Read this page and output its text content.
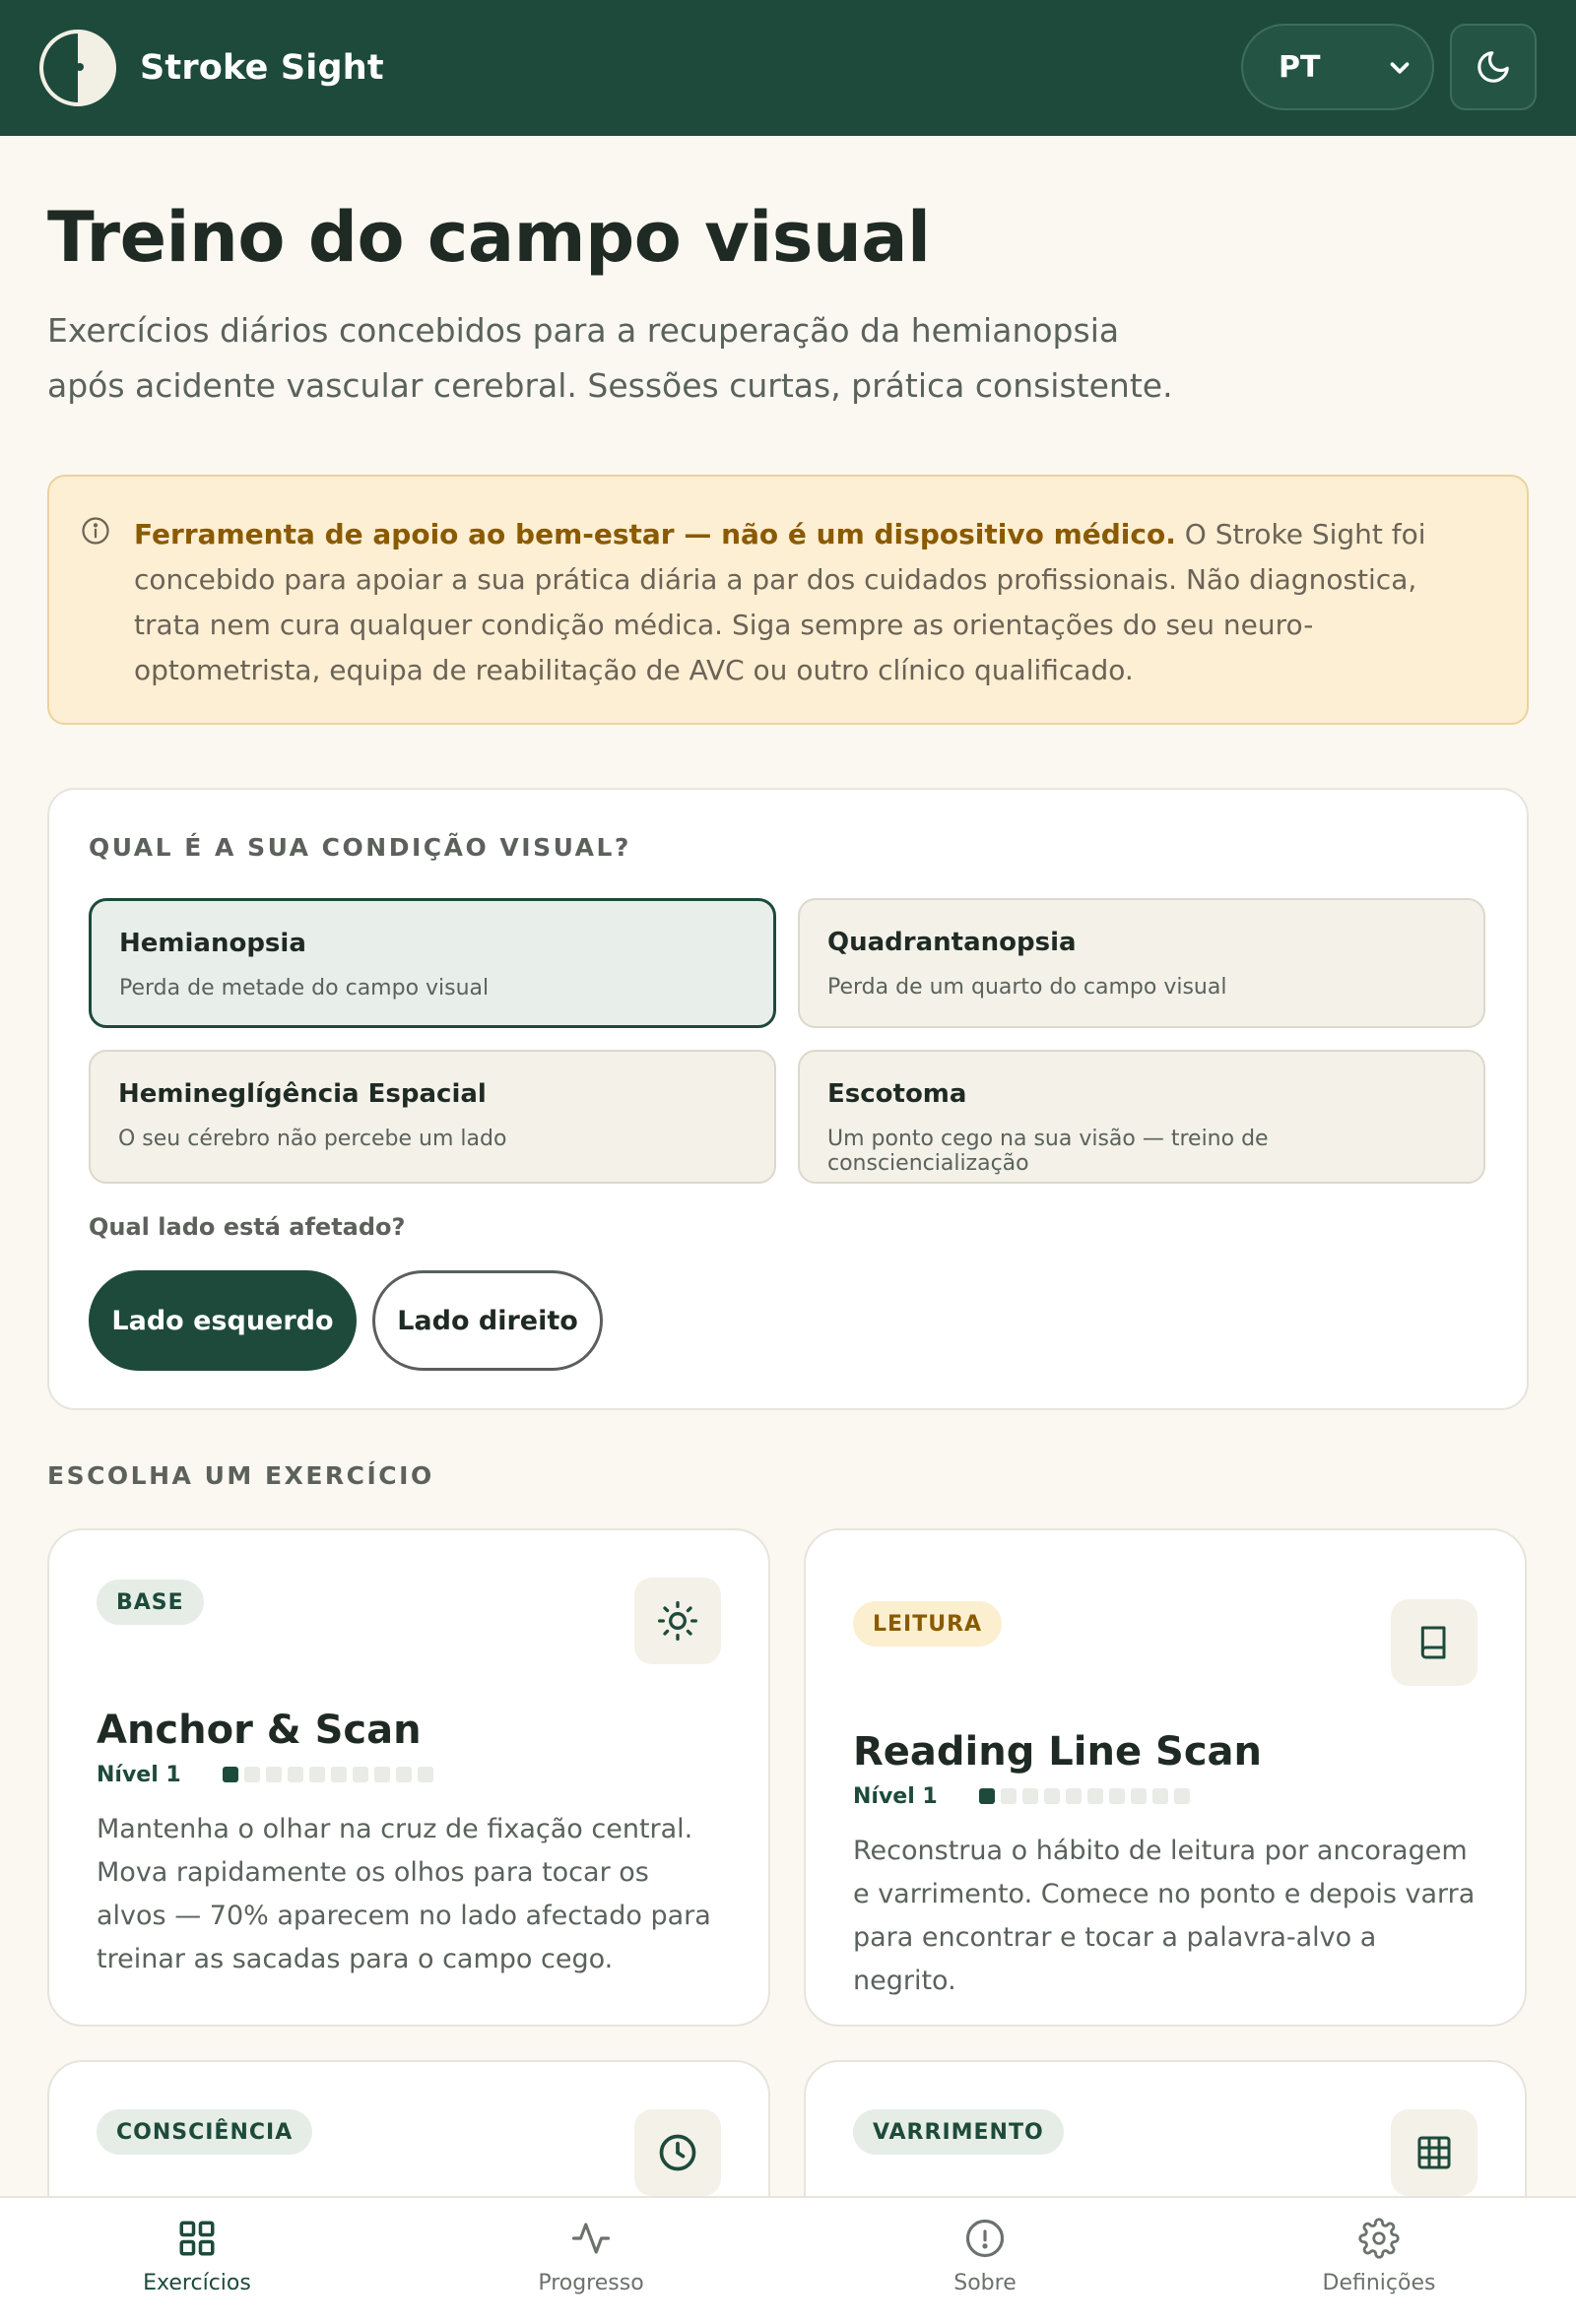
Stroke Sight	PT
Treino do campo visual

Exercícios diários concebidos para a recuperação da hemianopsia após acidente vascular cerebral. Sessões curtas, prática consistente.

Ferramenta de apoio ao bem-estar — não é um dispositivo médico. O Stroke Sight foi concebido para apoiar a sua prática diária a par dos cuidados profissionais. Não diagnostica, trata nem cura qualquer condição médica. Siga sempre as orientações do seu neuro-optometrista, equipa de reabilitação de AVC ou outro clínico qualificado.

QUAL É A SUA CONDIÇÃO VISUAL?
Hemianopsia
Perda de metade do campo visual
Quadrantanopsia
Perda de um quarto do campo visual
Hemineglígência Espacial
O seu cérebro não percebe um lado
Escotoma
Um ponto cego na sua visão — treino de consciencialização
Qual lado está afetado?
Lado esquerdo	Lado direito
ESCOLHA UM EXERCÍCIO
BASE
Anchor & Scan
Nível 1
Mantenha o olhar na cruz de fixação central. Mova rapidamente os olhos para tocar os alvos — 70% aparecem no lado afectado para treinar as sacadas para o campo cego.
LEITURA
Reading Line Scan
Nível 1
Reconstrua o hábito de leitura por ancoragem e varrimento. Comece no ponto e depois varra para encontrar e tocar a palavra-alvo a negrito.
CONSCIÊNCIA	VARRIMENTO
Exercícios	Progresso	Sobre	Definições
